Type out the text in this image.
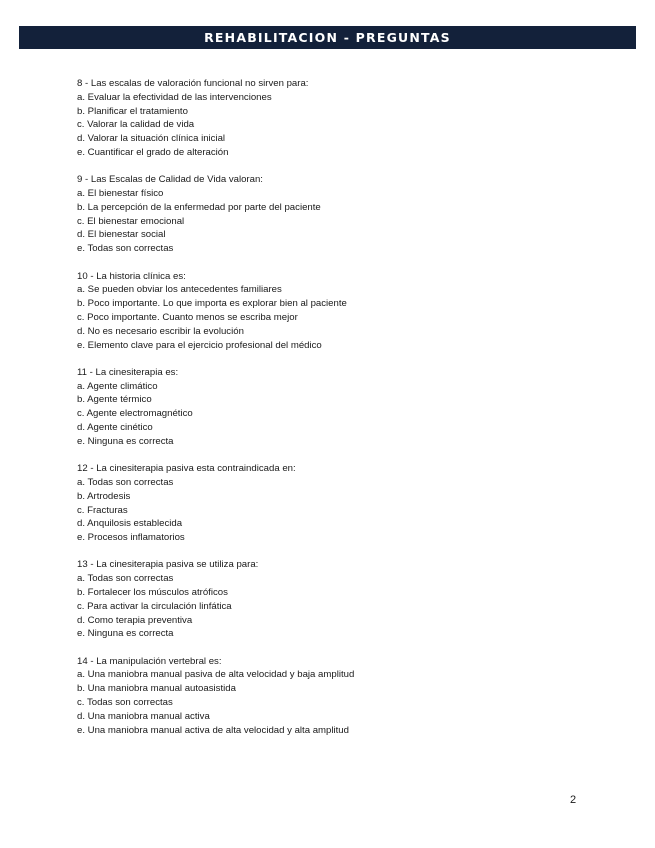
REHABILITACION - PREGUNTAS
8 - Las escalas de valoración funcional no sirven para:
a. Evaluar la efectividad de las intervenciones
b. Planificar el tratamiento
c. Valorar la calidad de vida
d. Valorar la situación clínica inicial
e. Cuantificar el grado de alteración
9 - Las Escalas de Calidad de Vida valoran:
a. El bienestar físico
b. La percepción de la enfermedad por parte del paciente
c. El bienestar emocional
d. El bienestar social
e. Todas son correctas
10 - La historia clínica es:
a. Se pueden obviar los antecedentes familiares
b. Poco importante. Lo que importa es explorar bien al paciente
c. Poco importante. Cuanto menos se escriba mejor
d. No es necesario escribir la evolución
e. Elemento clave para el ejercicio profesional del médico
11 - La cinesiterapia es:
a. Agente climático
b. Agente térmico
c. Agente electromagnético
d. Agente cinético
e. Ninguna es correcta
12 - La cinesiterapia pasiva esta contraindicada en:
a. Todas son correctas
b. Artrodesis
c. Fracturas
d. Anquilosis establecida
e. Procesos inflamatorios
13 - La cinesiterapia pasiva se utiliza para:
a. Todas son correctas
b. Fortalecer los músculos atróficos
c. Para activar la circulación linfática
d. Como terapia preventiva
e. Ninguna es correcta
14 - La manipulación vertebral es:
a. Una maniobra manual pasiva de alta velocidad y baja amplitud
b. Una maniobra manual autoasistida
c. Todas son correctas
d. Una maniobra manual activa
e. Una maniobra manual activa de alta velocidad y alta amplitud
2
